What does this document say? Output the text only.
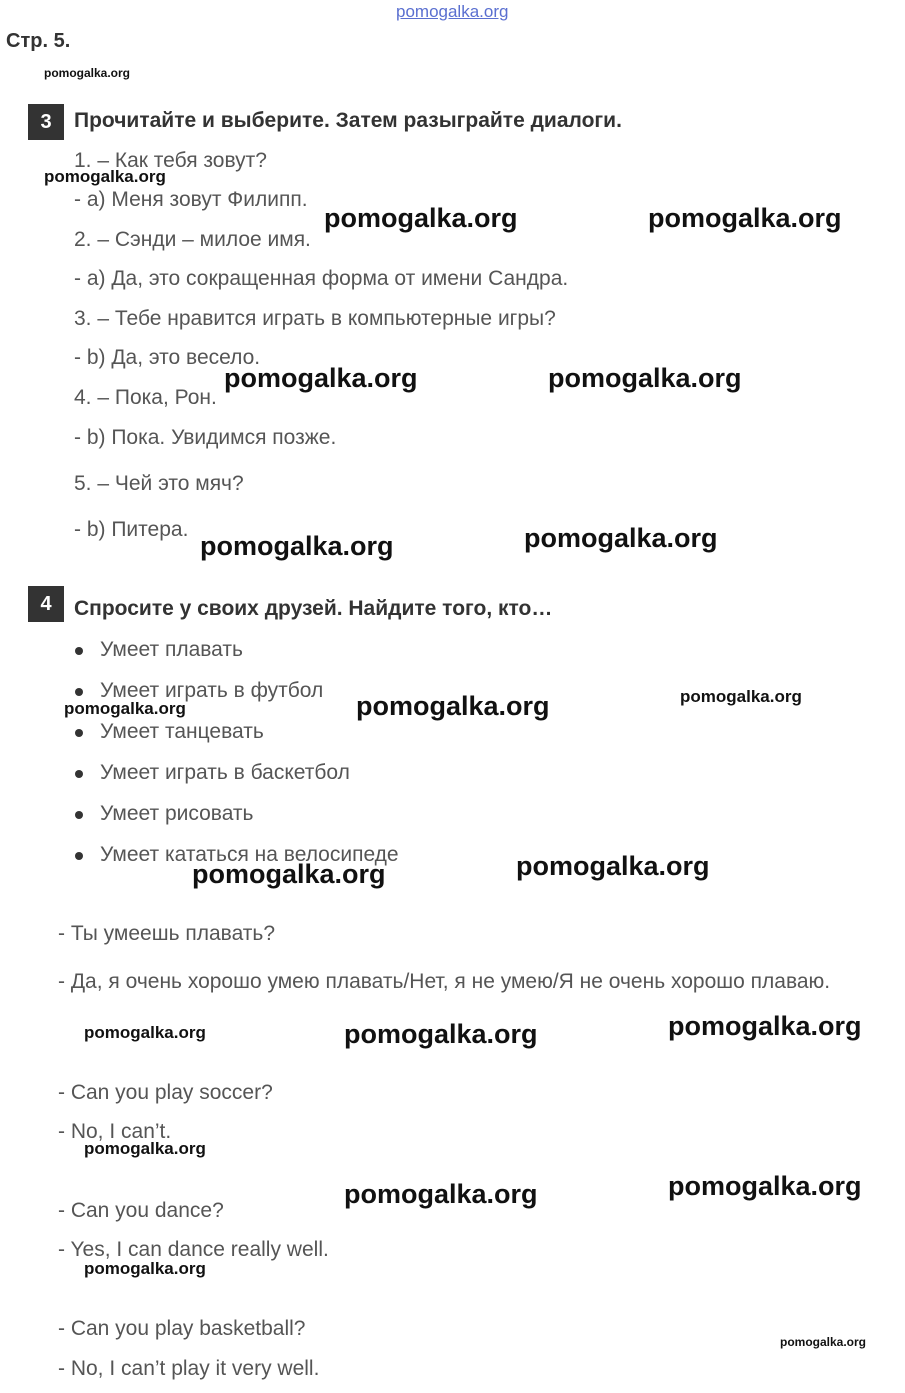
pomogalka.org
Стр. 5.
pomogalka.org
3	Прочитайте и выберите. Затем разыграйте диалоги.
1. – Как тебя зовут?
- a) Меня зовут Филипп.
2. – Сэнди – милое имя.
- a) Да, это сокращенная форма от имени Сандра.
3. – Тебе нравится играть в компьютерные игры?
- b) Да, это весело.
4. – Пока, Рон.
- b) Пока. Увидимся позже.
5. – Чей это мяч?
- b) Питера.
pomogalka.org
pomogalka.org	pomogalka.org
pomogalka.org	pomogalka.org
pomogalka.org	pomogalka.org
4	Спросите у своих друзей. Найдите того, кто…
Умеет плавать
Умеет играть в футбол
Умеет танцевать
Умеет играть в баскетбол
Умеет рисовать
Умеет кататься на велосипеде
pomogalka.org	pomogalka.org	pomogalka.org
pomogalka.org	pomogalka.org
- Ты умеешь плавать?
- Да, я очень хорошо умею плавать/Нет, я не умею/Я не очень хорошо плаваю.
pomogalka.org	pomogalka.org	pomogalka.org
- Can you play soccer?
- No, I can’t.
pomogalka.org
pomogalka.org	pomogalka.org
- Can you dance?
- Yes, I can dance really well.
pomogalka.org
- Can you play basketball?
pomogalka.org
- No, I can’t play it very well.
